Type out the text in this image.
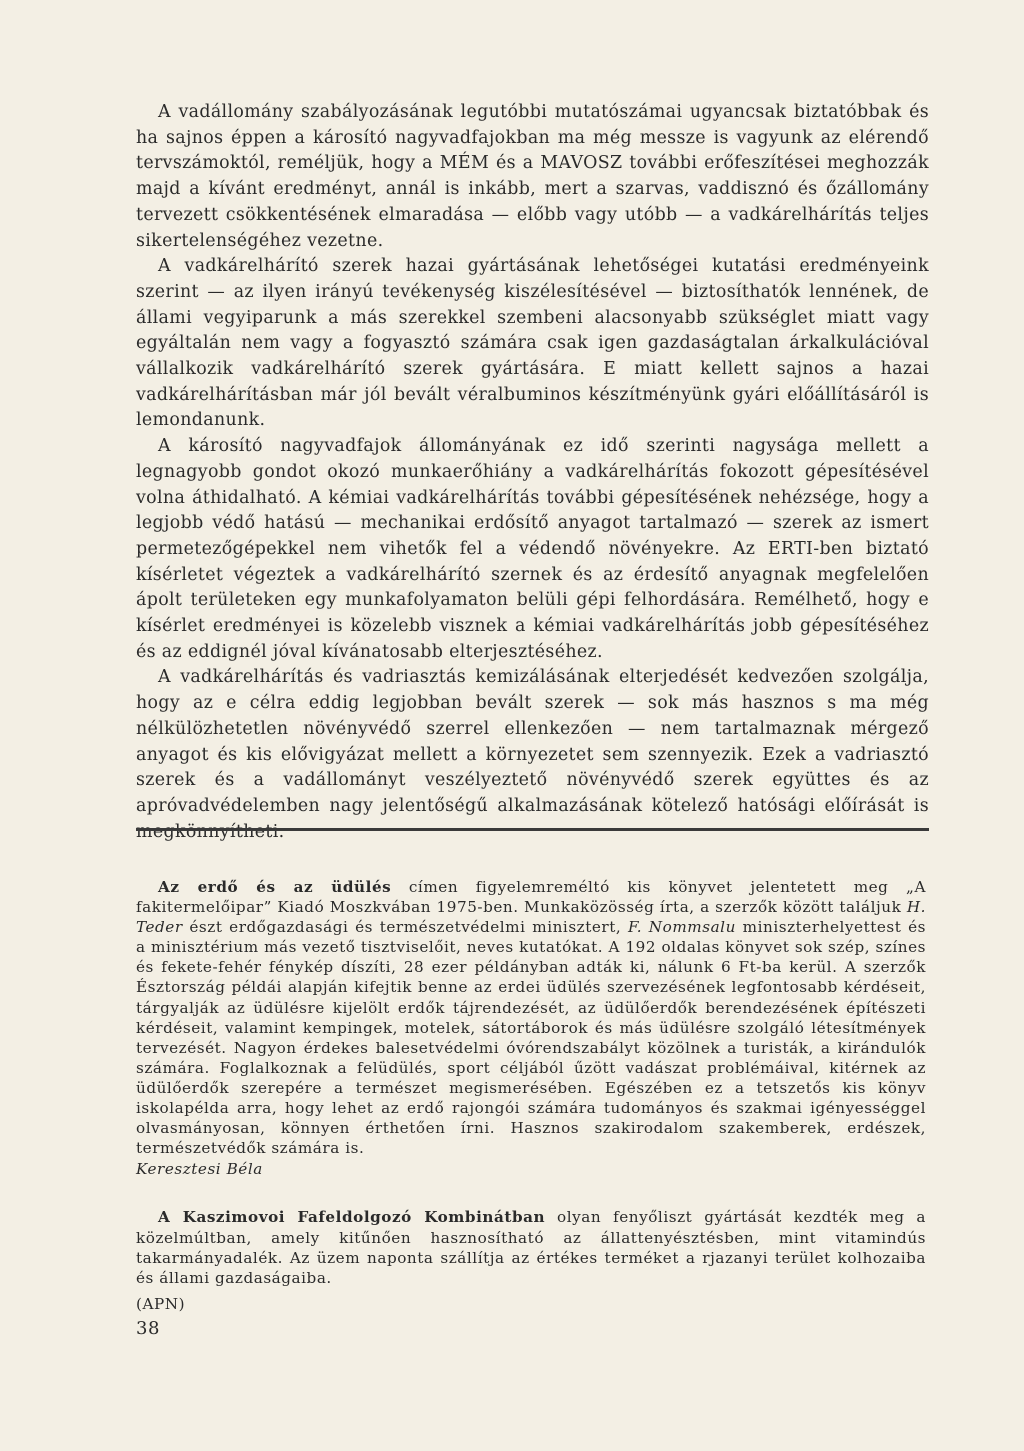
A vadállomány szabályozásának legutóbbi mutatószámai ugyancsak biztatóbbak és ha sajnos éppen a károsító nagyvadfajokban ma még messze is vagyunk az elérendő tervszámoktól, reméljük, hogy a MÉM és a MAVOSZ további erőfeszítései meghozzák majd a kívánt eredményt, annál is inkább, mert a szarvas, vaddisznó és őzállomány tervezett csökkentésének elmaradása — előbb vagy utóbb — a vadkárelhárítás teljes sikertelenségéhez vezetne.

A vadkárelhárító szerek hazai gyártásának lehetőségei kutatási eredményeink szerint — az ilyen irányú tevékenység kiszélesítésével — biztosíthatók lennének, de állami vegyiparunk a más szerekkel szembeni alacsonyabb szükséglet miatt vagy egyáltalán nem vagy a fogyasztó számára csak igen gazdaságtalan árkalkulációval vállalkozik vadkárelhárító szerek gyártására. E miatt kellett sajnos a hazai vadkárelhárításban már jól bevált véralbuminos készítményünk gyári előállításáról is lemondanunk.

A károsító nagyvadfajok állományának ez idő szerinti nagysága mellett a legnagyobb gondot okozó munkaerőhiány a vadkárelhárítás fokozott gépesítésével volna áthidalható. A kémiai vadkárelhárítás további gépesítésének nehézsége, hogy a legjobb védő hatású — mechanikai erdősítő anyagot tartalmazó — szerek az ismert permetezőgépekkel nem vihetők fel a védendő növényekre. Az ERTI-ben biztató kísérletet végeztek a vadkárelhárító szernek és az érdesítő anyagnak megfelelően ápolt területeken egy munkafolyamaton belüli gépi felhordására. Remélhető, hogy e kísérlet eredményei is közelebb visznek a kémiai vadkárelhárítás jobb gépesítéséhez és az eddignél jóval kívánatosabb elterjesztéséhez.

A vadkárelhárítás és vadriasztás kemizálásának elterjedését kedvezően szolgálja, hogy az e célra eddig legjobban bevált szerek — sok más hasznos s ma még nélkülözhetetlen növényvédő szerrel ellenkezően — nem tartalmaznak mérgező anyagot és kis elővigyázat mellett a környezetet sem szennyezik. Ezek a vadriasztó szerek és a vadállományt veszélyeztető növényvédő szerek együttes és az apróvadvédelemben nagy jelentőségű alkalmazásának kötelező hatósági előírását is megkönnyítheti.

Az erdő és az üdülés címen figyelemreméltó kis könyvet jelentetett meg „A fakitermelőipar” Kiadó Moszkvában 1975-ben. Munkaközösség írta, a szerzők között találjuk H. Teder észt erdőgazdasági és természetvédelmi minisztert, F. Nommsalu miniszterhelyettest és a minisztérium más vezető tisztviselőit, neves kutatókat. A 192 oldalas könyvet sok szép, színes és fekete-fehér fénykép díszíti, 28 ezer példányban adták ki, nálunk 6 Ft-ba kerül. A szerzők Észtország példái alapján kifejtik benne az erdei üdülés szervezésének legfontosabb kérdéseit, tárgyalják az üdülésre kijelölt erdők tájrendezését, az üdülőerdők berendezésének építészeti kérdéseit, valamint kempingek, motelek, sátortáborok és más üdülésre szolgáló létesítmények tervezését. Nagyon érdekes balesetvédelmi óvórendszabályt közölnek a turisták, a kirándulók számára. Foglalkoznak a felüdülés, sport céljából űzött vadászat problémáival, kitérnek az üdülőerdők szerepére a természet megismerésében. Egészében ez a tetszetős kis könyv iskolapélda arra, hogy lehet az erdő rajongói számára tudományos és szakmai igényességgel olvasmányosan, könnyen érthetően írni. Hasznos szakirodalom szakemberek, erdészek, természetvédők számára is.

Keresztesi Béla

A Kaszimovoi Fafeldolgozó Kombinátban olyan fenyőliszt gyártását kezdték meg a közelmúltban, amely kitűnően hasznosítható az állattenyésztésben, mint vitamindús takarmányadalék. Az üzem naponta szállítja az értékes terméket a rjazanyi terület kolhozaiba és állami gazdaságaiba.

(APN)

38
